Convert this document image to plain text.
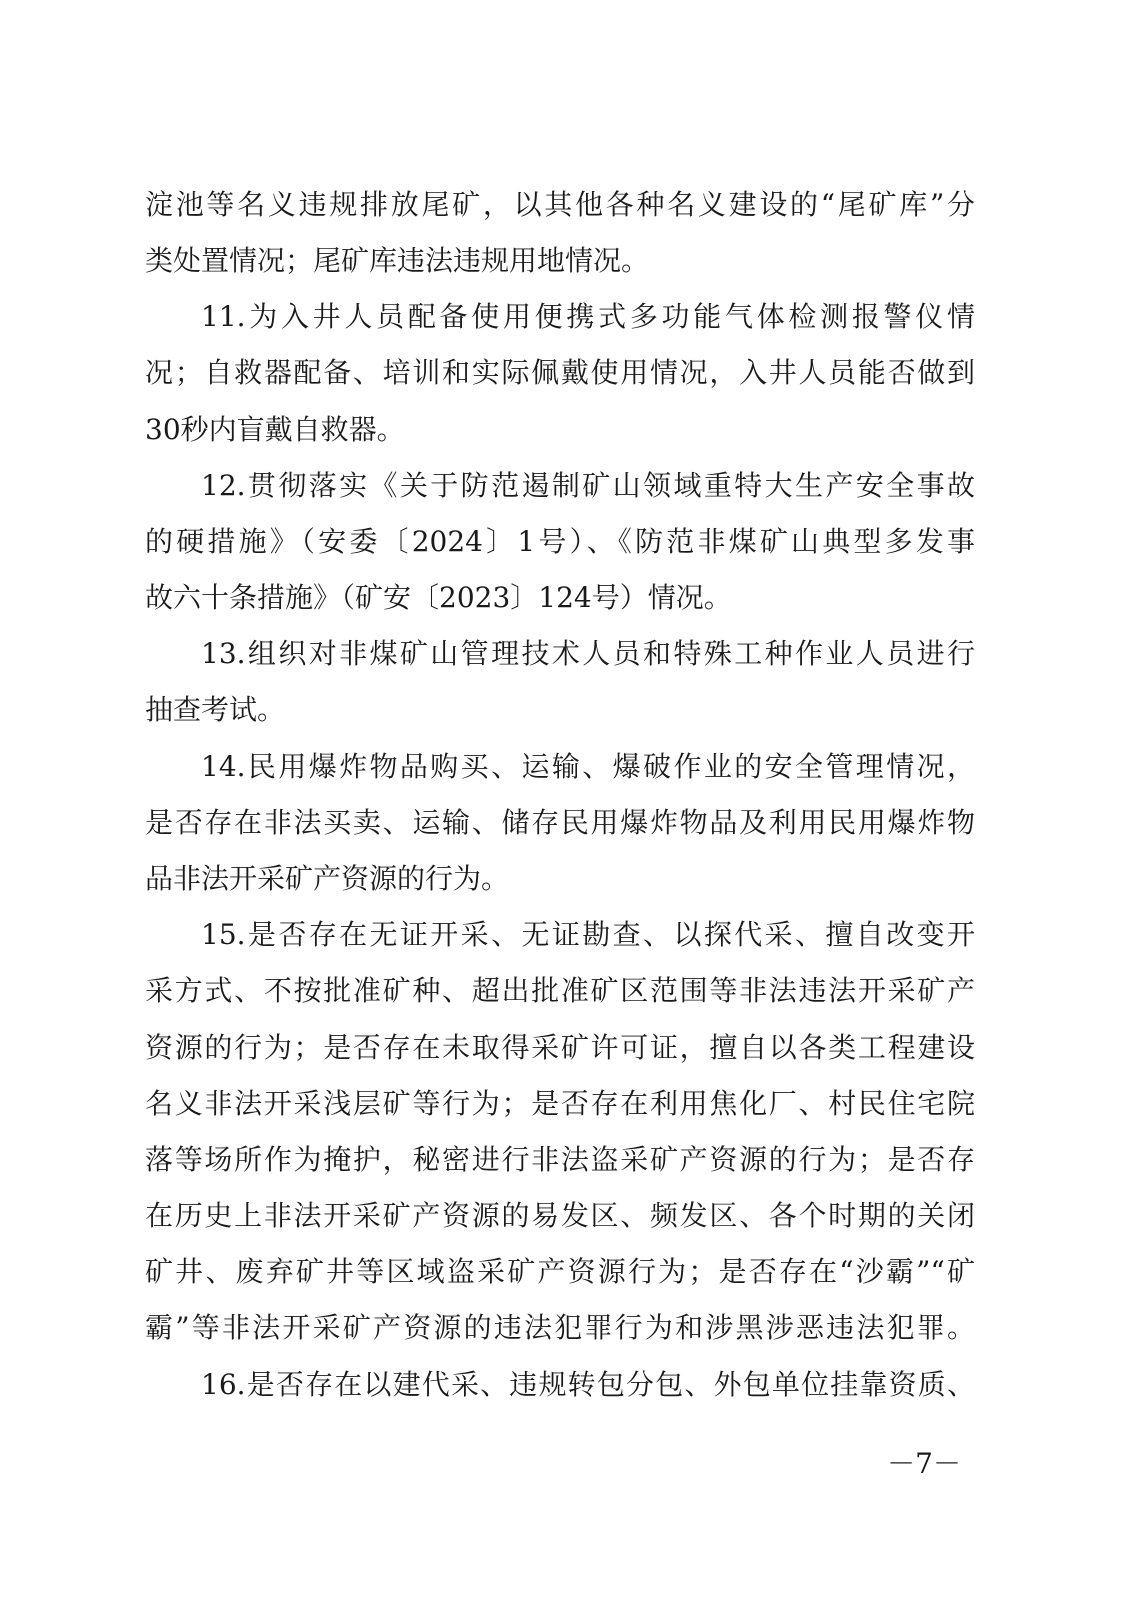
淀池等名义违规排放尾矿，以其他各种名义建设的“尾矿库”分
类处置情况；尾矿库违法违规用地情况。
11.为入井人员配备使用便携式多功能气体检测报警仪情
况；自救器配备、培训和实际佩戴使用情况，入井人员能否做到
30秒内盲戴自救器。
12.贯彻落实《关于防范遏制矿山领域重特大生产安全事故
的硬措施》（安委〔2024〕1号）、《防范非煤矿山典型多发事
故六十条措施》（矿安〔2023〕124号）情况。
13.组织对非煤矿山管理技术人员和特殊工种作业人员进行
抽查考试。
14.民用爆炸物品购买、运输、爆破作业的安全管理情况，
是否存在非法买卖、运输、储存民用爆炸物品及利用民用爆炸物
品非法开采矿产资源的行为。
15.是否存在无证开采、无证勘查、以探代采、擅自改变开
采方式、不按批准矿种、超出批准矿区范围等非法违法开采矿产
资源的行为；是否存在未取得采矿许可证，擅自以各类工程建设
名义非法开采浅层矿等行为；是否存在利用焦化厂、村民住宅院
落等场所作为掩护，秘密进行非法盗采矿产资源的行为；是否存
在历史上非法开采矿产资源的易发区、频发区、各个时期的关闭
矿井、废弃矿井等区域盗采矿产资源行为；是否存在“沙霸”“矿
霸”等非法开采矿产资源的违法犯罪行为和涉黑涉恶违法犯罪。
16.是否存在以建代采、违规转包分包、外包单位挂靠资质、
－7－
